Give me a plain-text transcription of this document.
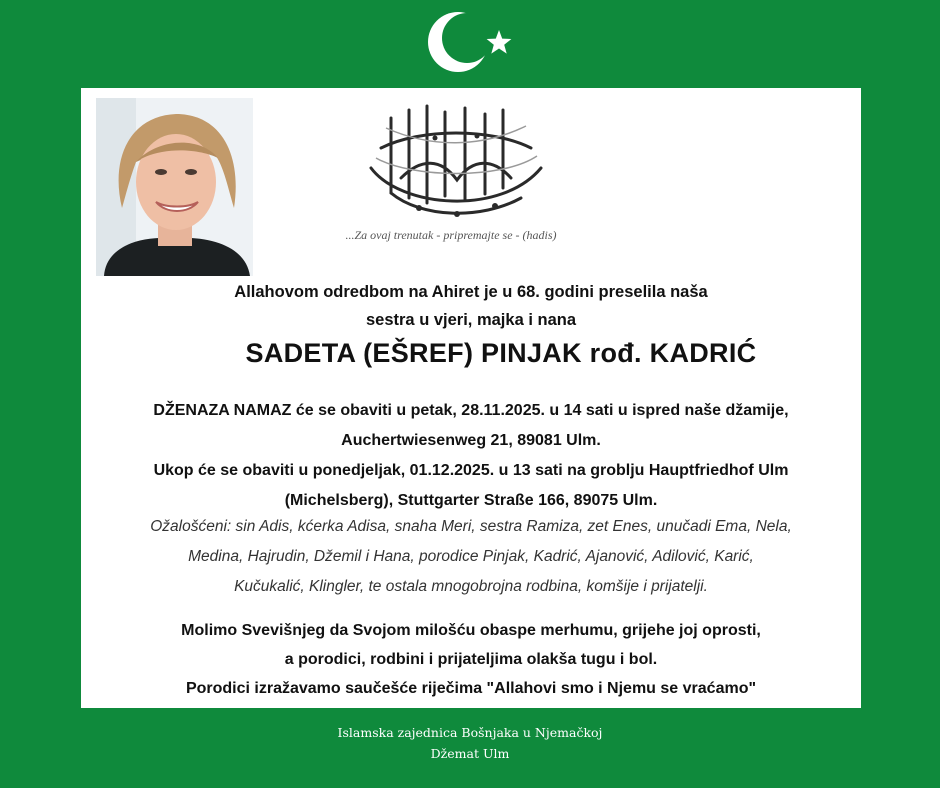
...Za ovaj trenutak - pripremajte se - (hadis)
Allahovom odredbom na Ahiret je u 68. godini preselila naša
sestra u vjeri, majka i nana
SADETA (EŠREF) PINJAK rođ. KADRIĆ
DŽENAZA NAMAZ će se obaviti u petak, 28.11.2025. u 14 sati u ispred naše džamije,
Auchertwiesenweg 21, 89081 Ulm.
Ukop će se obaviti u ponedjeljak, 01.12.2025. u 13 sati na groblju Hauptfriedhof Ulm
(Michelsberg), Stuttgarter Straße 166, 89075 Ulm.
Ožalošćeni: sin Adis, kćerka Adisa, snaha Meri, sestra Ramiza, zet Enes, unučadi Ema, Nela,
Medina, Hajrudin, Džemil i Hana, porodice Pinjak, Kadrić, Ajanović, Adilović, Karić,
Kučukalić, Klingler, te ostala mnogobrojna rodbina, komšije i prijatelji.
Molimo Svevišnjeg da Svojom milošću obaspe merhumu, grijehe joj oprosti,
a porodici, rodbini i prijateljima olakša tugu i bol.
Porodici izražavamo saučešće riječima "Allahovi smo i Njemu se vraćamo"
Islamska zajednica Bošnjaka u Njemačkoj
Džemat Ulm
